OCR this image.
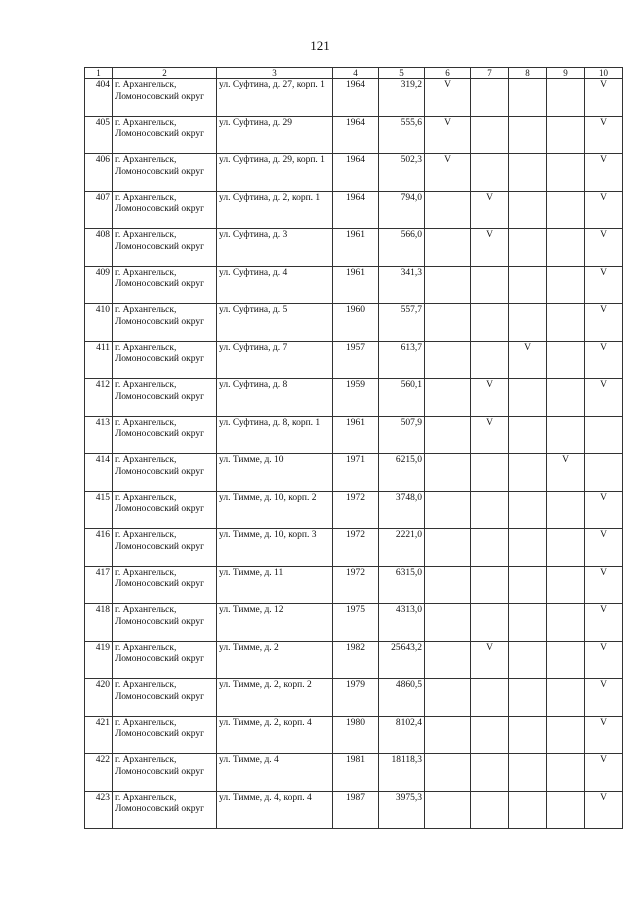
121
1	2	3	4	5	6	7	8	9	10
404	г. Архангельск, Ломоносовский округ	ул. Суфтина, д. 27, корп. 1	1964	319,2	V				V
405	г. Архангельск, Ломоносовский округ	ул. Суфтина, д. 29	1964	555,6	V				V
406	г. Архангельск, Ломоносовский округ	ул. Суфтина, д. 29, корп. 1	1964	502,3	V				V
407	г. Архангельск, Ломоносовский округ	ул. Суфтина, д. 2, корп. 1	1964	794,0		V			V
408	г. Архангельск, Ломоносовский округ	ул. Суфтина, д. 3	1961	566,0		V			V
409	г. Архангельск, Ломоносовский округ	ул. Суфтина, д. 4	1961	341,3					V
410	г. Архангельск, Ломоносовский округ	ул. Суфтина, д. 5	1960	557,7					V
411	г. Архангельск, Ломоносовский округ	ул. Суфтина, д. 7	1957	613,7			V		V
412	г. Архангельск, Ломоносовский округ	ул. Суфтина, д. 8	1959	560,1		V			V
413	г. Архангельск, Ломоносовский округ	ул. Суфтина, д. 8, корп. 1	1961	507,9		V			
414	г. Архангельск, Ломоносовский округ	ул. Тимме, д. 10	1971	6215,0				V	
415	г. Архангельск, Ломоносовский округ	ул. Тимме, д. 10, корп. 2	1972	3748,0					V
416	г. Архангельск, Ломоносовский округ	ул. Тимме, д. 10, корп. 3	1972	2221,0					V
417	г. Архангельск, Ломоносовский округ	ул. Тимме, д. 11	1972	6315,0					V
418	г. Архангельск, Ломоносовский округ	ул. Тимме, д. 12	1975	4313,0					V
419	г. Архангельск, Ломоносовский округ	ул. Тимме, д. 2	1982	25643,2		V			V
420	г. Архангельск, Ломоносовский округ	ул. Тимме, д. 2, корп. 2	1979	4860,5					V
421	г. Архангельск, Ломоносовский округ	ул. Тимме, д. 2, корп. 4	1980	8102,4					V
422	г. Архангельск, Ломоносовский округ	ул. Тимме, д. 4	1981	18118,3					V
423	г. Архангельск, Ломоносовский округ	ул. Тимме, д. 4, корп. 4	1987	3975,3					V
